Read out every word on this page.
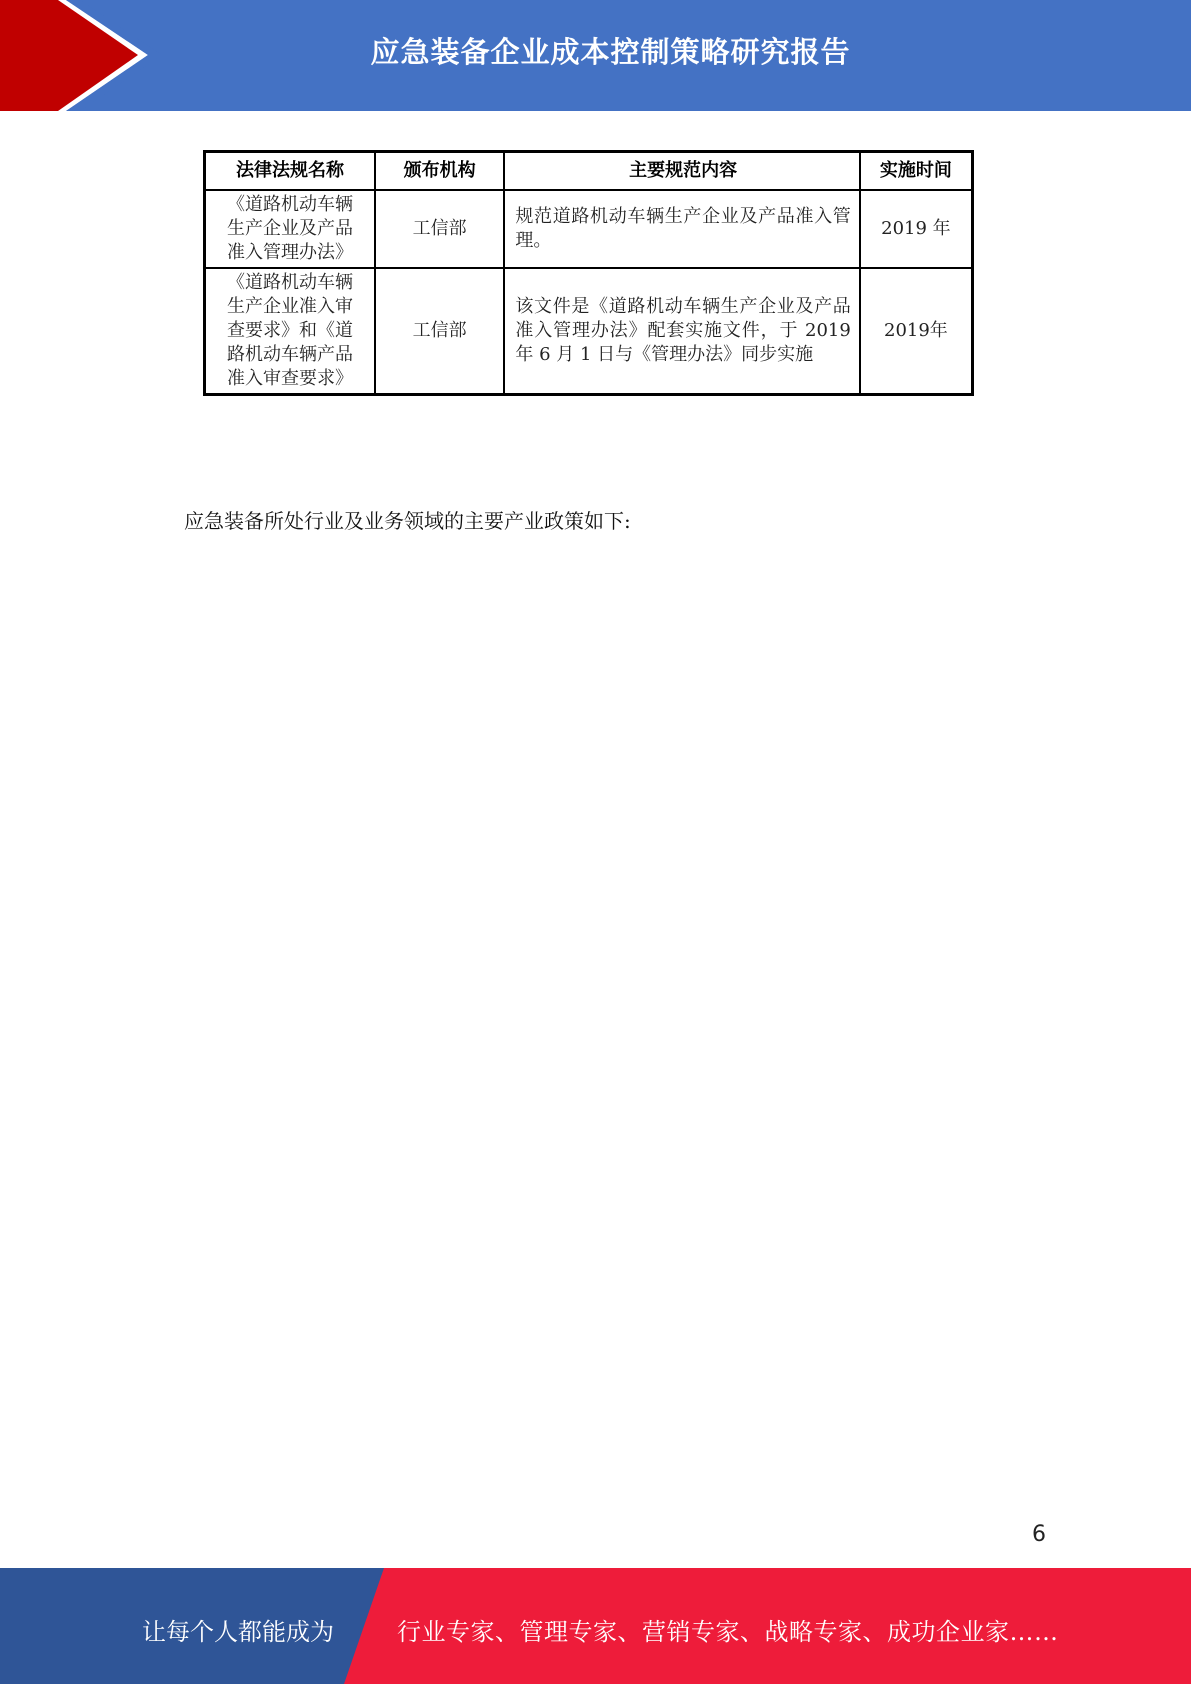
应急装备企业成本控制策略研究报告
法律法规名称	颁布机构	主要规范内容	实施时间
《道路机动车辆生产企业及产品准入管理办法》	工信部	规范道路机动车辆生产企业及产品准入管理。	2019 年
《道路机动车辆生产企业准入审查要求》和《道路机动车辆产品准入审查要求》	工信部	该文件是《道路机动车辆生产企业及产品准入管理办法》配套实施文件，于 2019 年 6 月 1 日与《管理办法》同步实施	2019年
应急装备所处行业及业务领域的主要产业政策如下:
6
让每个人都能成为	行业专家、管理专家、营销专家、战略专家、成功企业家……
